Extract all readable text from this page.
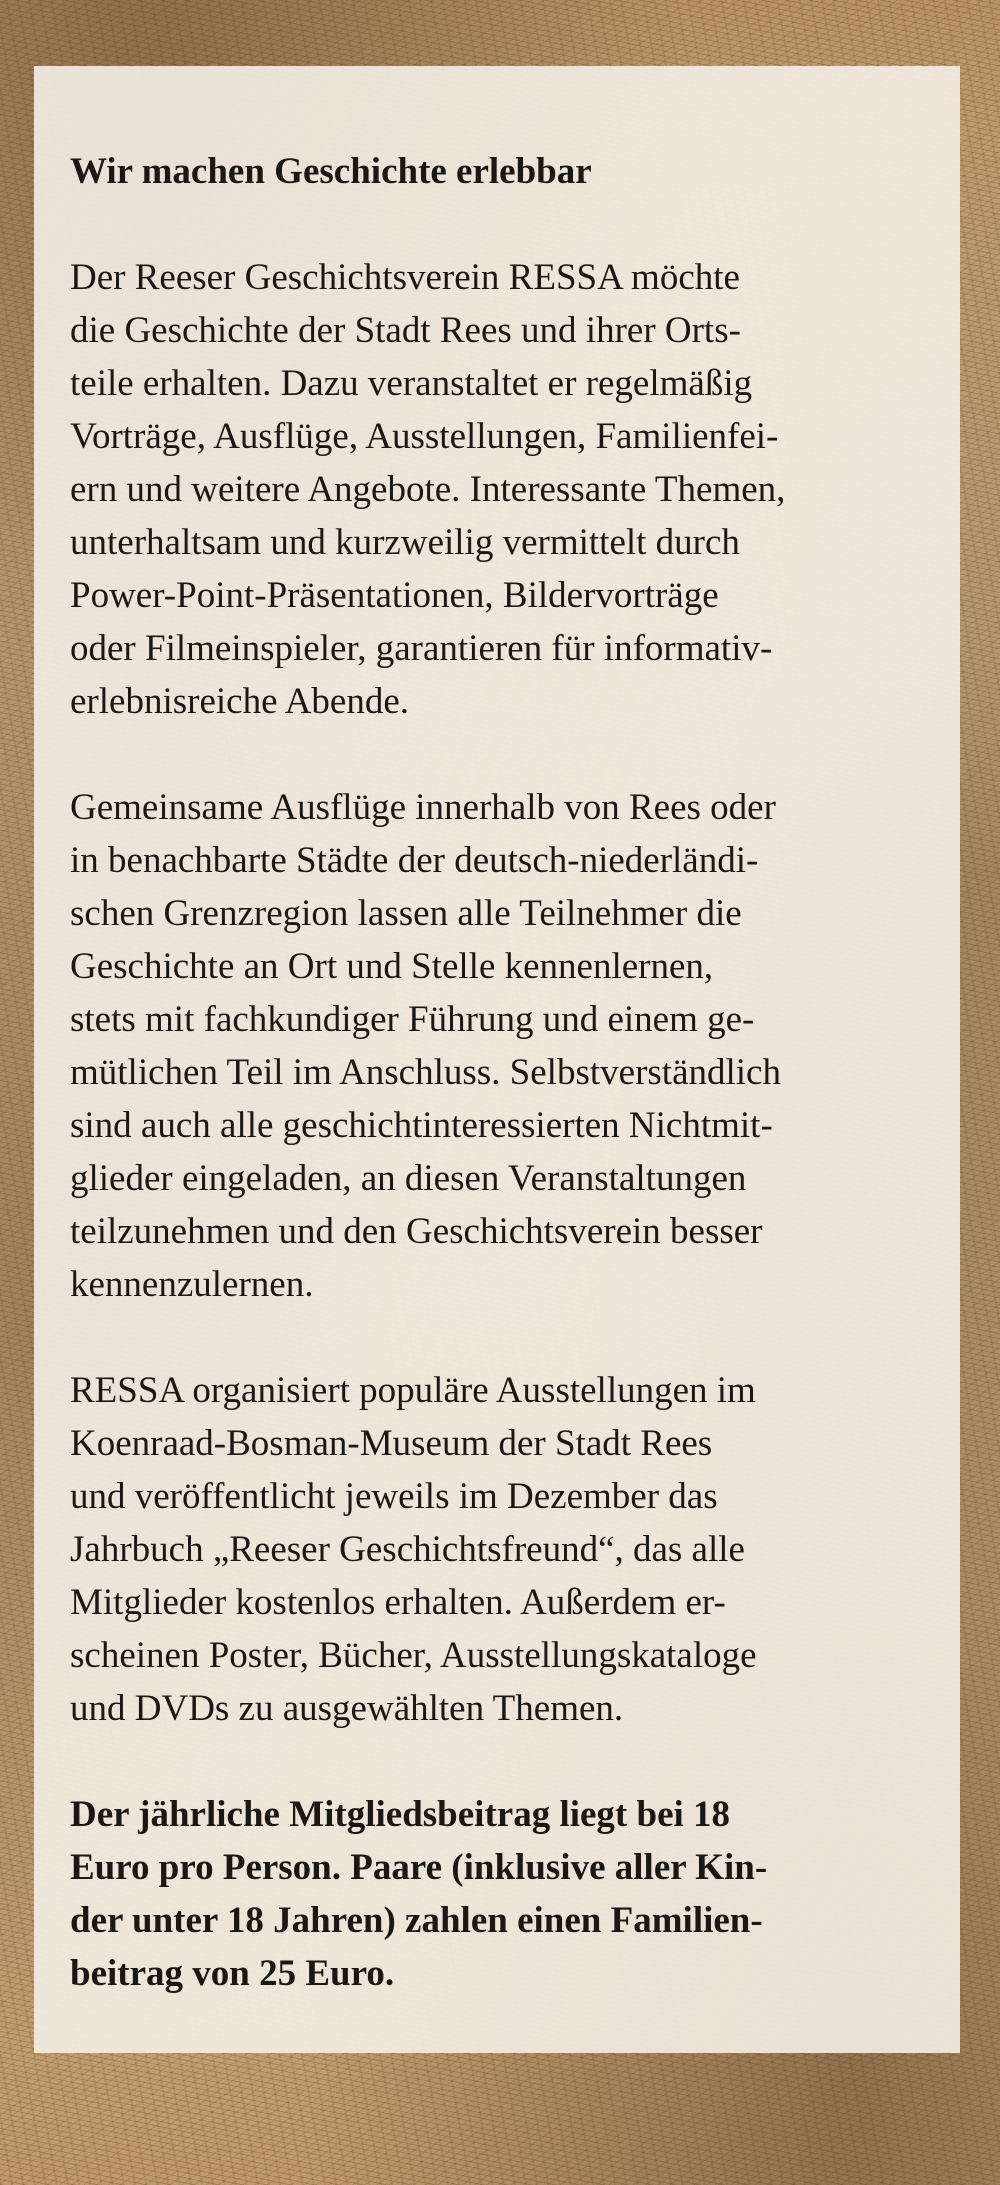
Wir machen Geschichte erlebbar
Der Reeser Geschichtsverein RESSA möchte
die Geschichte der Stadt Rees und ihrer Orts-
teile erhalten. Dazu veranstaltet er regelmäßig
Vorträge, Ausflüge, Ausstellungen, Familienfei-
ern und weitere Angebote. Interessante Themen,
unterhaltsam und kurzweilig vermittelt durch
Power-Point-Präsentationen, Bildervorträge
oder Filmeinspieler, garantieren für informativ-
erlebnisreiche Abende.
Gemeinsame Ausflüge innerhalb von Rees oder
in benachbarte Städte der deutsch-niederländi-
schen Grenzregion lassen alle Teilnehmer die
Geschichte an Ort und Stelle kennenlernen,
stets mit fachkundiger Führung und einem ge-
mütlichen Teil im Anschluss. Selbstverständlich
sind auch alle geschichtinteressierten Nichtmit-
glieder eingeladen, an diesen Veranstaltungen
teilzunehmen und den Geschichtsverein besser
kennenzulernen.
RESSA organisiert populäre Ausstellungen im
Koenraad-Bosman-Museum der Stadt Rees
und veröffentlicht jeweils im Dezember das
Jahrbuch „Reeser Geschichtsfreund“, das alle
Mitglieder kostenlos erhalten. Außerdem er-
scheinen Poster, Bücher, Ausstellungskataloge
und DVDs zu ausgewählten Themen.
Der jährliche Mitgliedsbeitrag liegt bei 18
Euro pro Person. Paare (inklusive aller Kin-
der unter 18 Jahren) zahlen einen Familien-
beitrag von 25 Euro.
